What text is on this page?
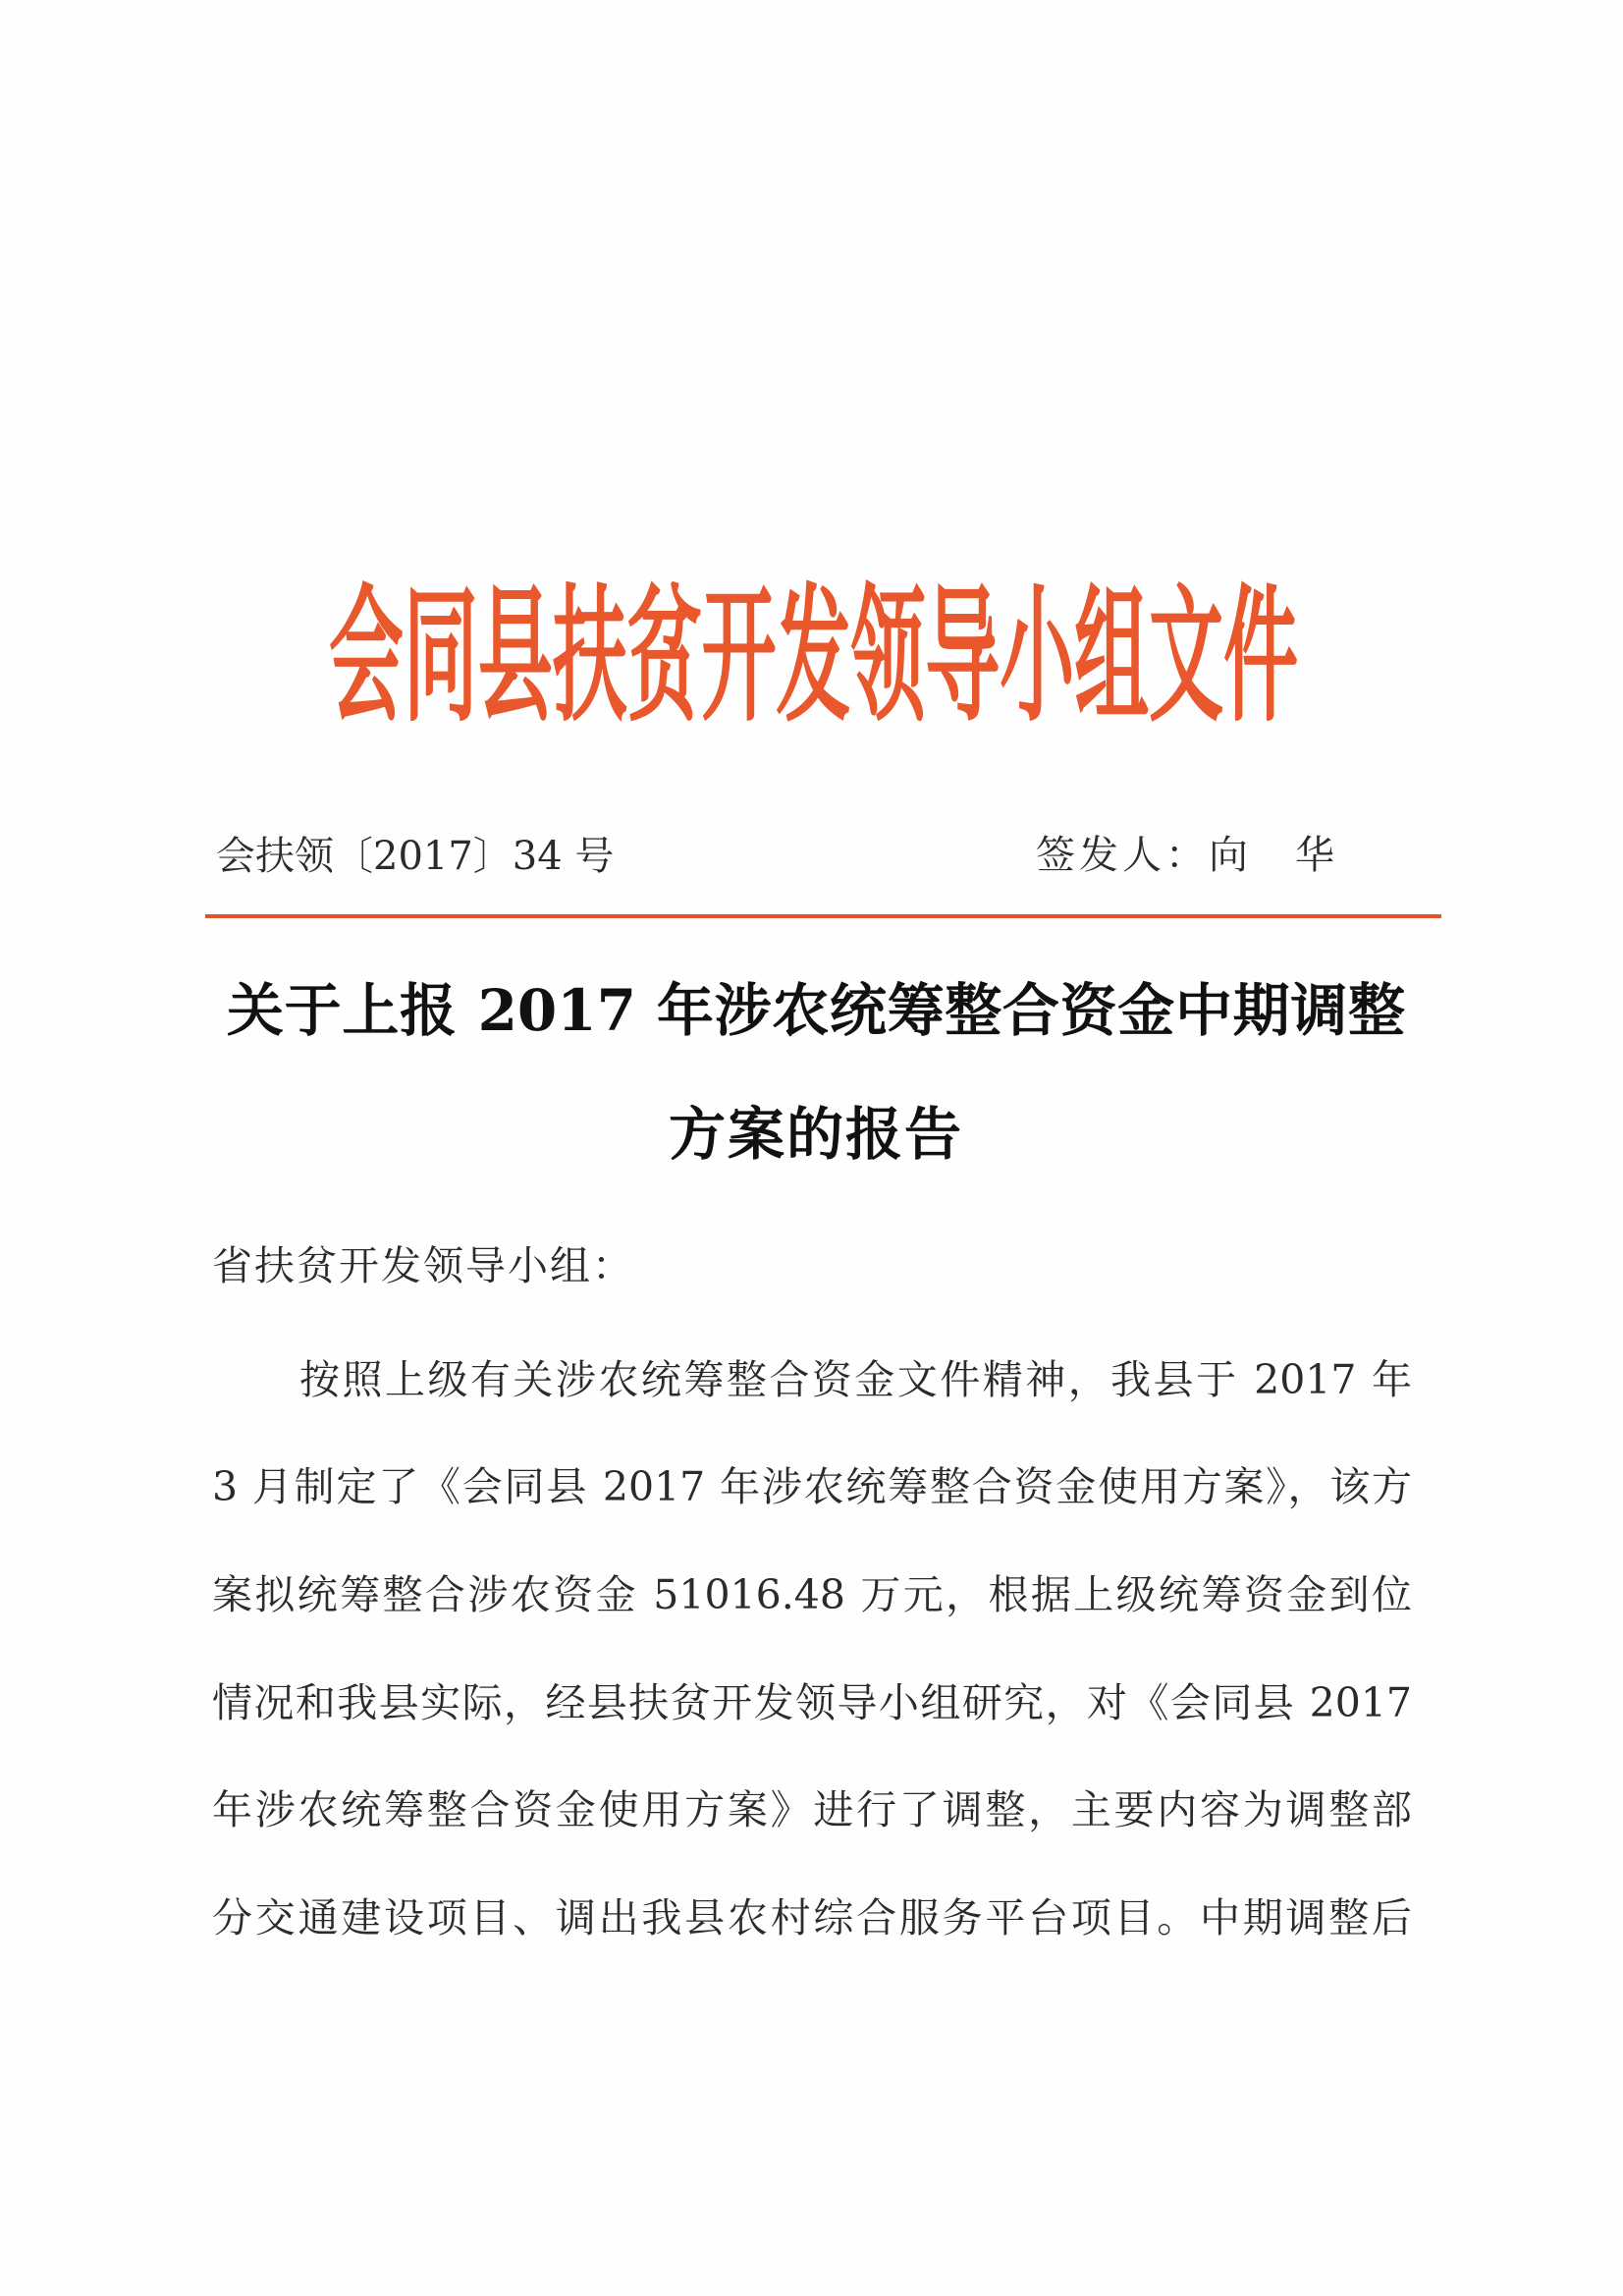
会同县扶贫开发领导小组文件
会扶领〔2017〕34 号	签发人：向　华
关于上报 2017 年涉农统筹整合资金中期调整
方案的报告
省扶贫开发领导小组：
按照上级有关涉农统筹整合资金文件精神，我县于 2017 年
3 月制定了《会同县 2017 年涉农统筹整合资金使用方案》，该方
案拟统筹整合涉农资金 51016.48 万元，根据上级统筹资金到位
情况和我县实际，经县扶贫开发领导小组研究，对《会同县 2017
年涉农统筹整合资金使用方案》进行了调整，主要内容为调整部
分交通建设项目、调出我县农村综合服务平台项目。中期调整后
